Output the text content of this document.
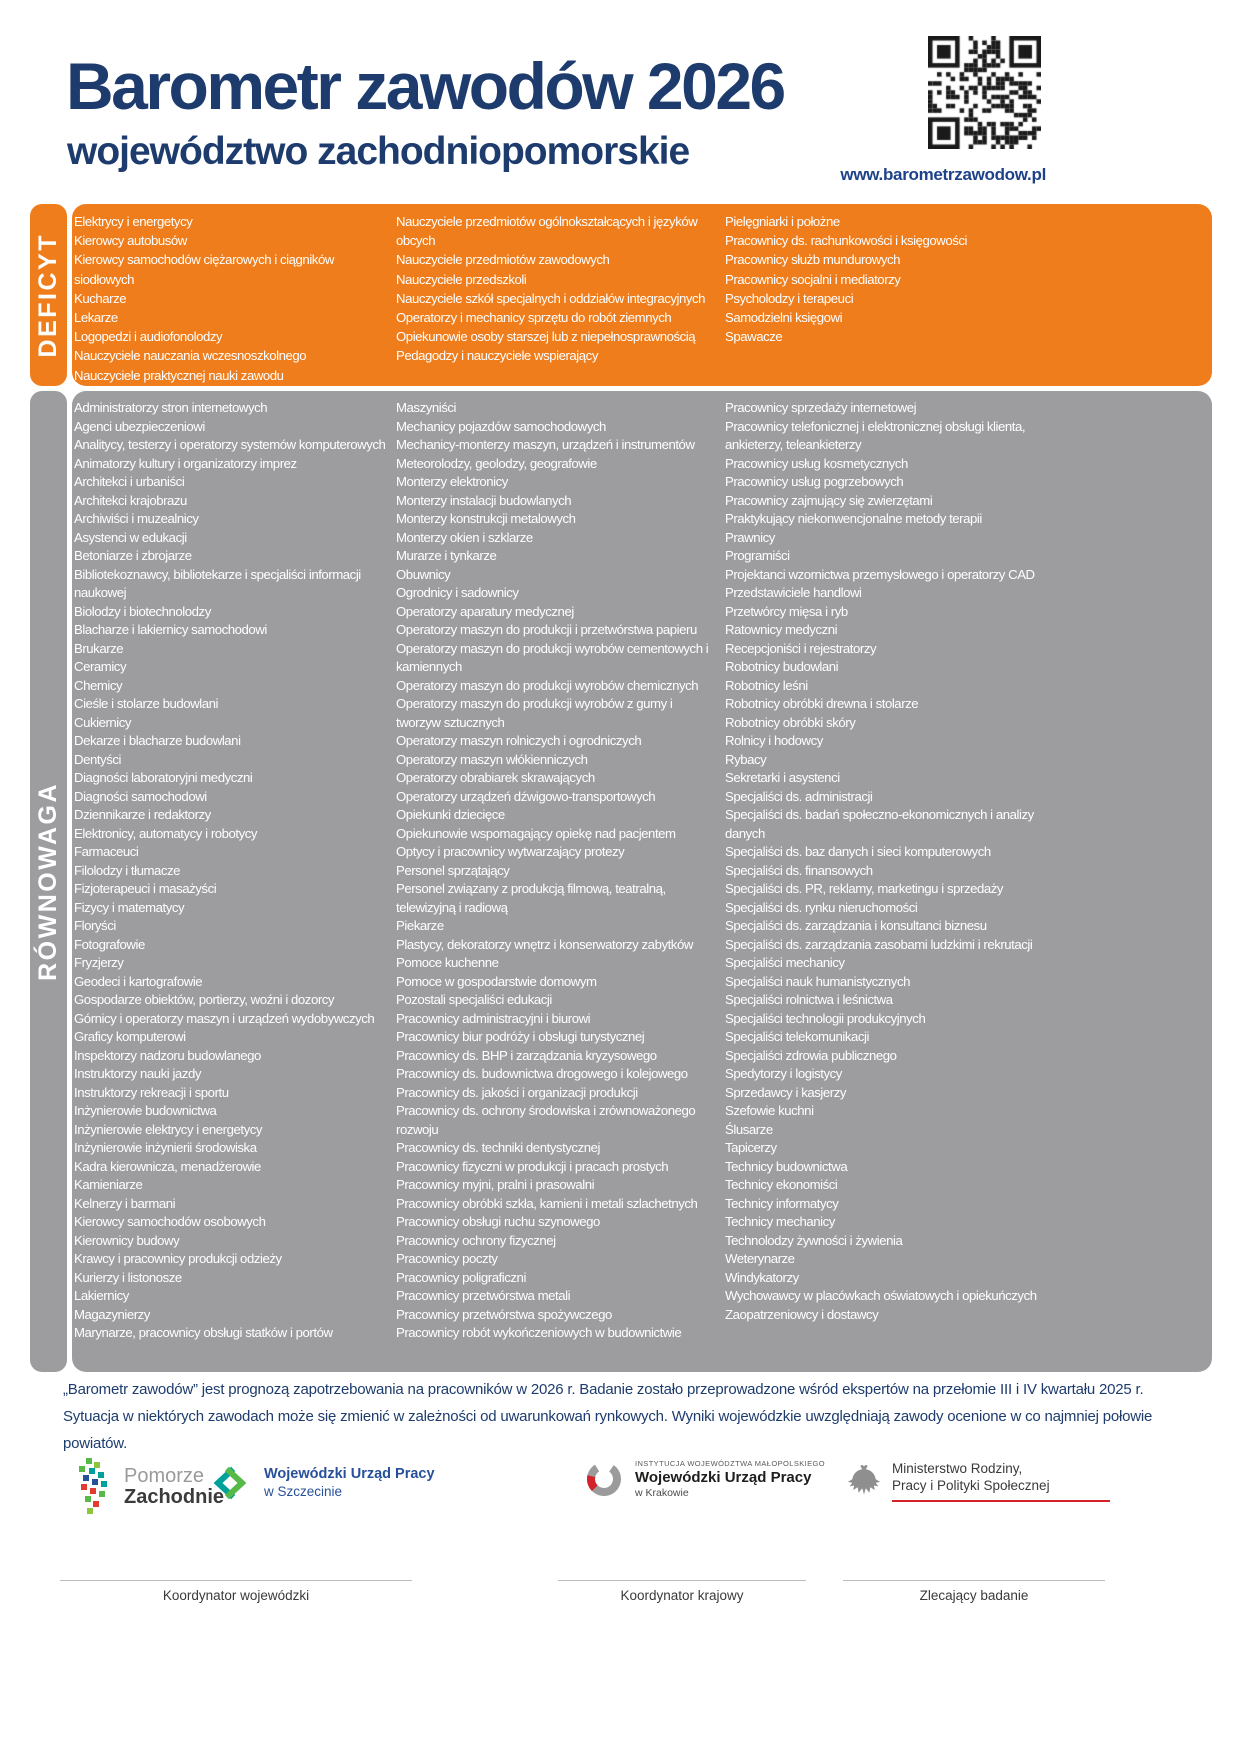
Barometr zawodów 2026
województwo zachodniopomorskie
www.barometrzawodow.pl
DEFICYT
Elektrycy i energetycy
Kierowcy autobusów
Kierowcy samochodów ciężarowych i ciągników siodłowych
Kucharze
Lekarze
Logopedzi i audiofonolodzy
Nauczyciele nauczania wczesnoszkolnego
Nauczyciele praktycznej nauki zawodu
Nauczyciele przedmiotów ogólnokształcących i języków obcych
Nauczyciele przedmiotów zawodowych
Nauczyciele przedszkoli
Nauczyciele szkół specjalnych i oddziałów integracyjnych
Operatorzy i mechanicy sprzętu do robót ziemnych
Opiekunowie osoby starszej lub z niepełnosprawnością
Pedagodzy i nauczyciele wspierający
Pielęgniarki i położne
Pracownicy ds. rachunkowości i księgowości
Pracownicy służb mundurowych
Pracownicy socjalni i mediatorzy
Psycholodzy i terapeuci
Samodzielni księgowi
Spawacze
RÓWNOWAGA
Administratorzy stron internetowych
Agenci ubezpieczeniowi
Analitycy, testerzy i operatorzy systemów komputerowych
Animatorzy kultury i organizatorzy imprez
Architekci i urbaniści
Architekci krajobrazu
Archiwiści i muzealnicy
Asystenci w edukacji
Betoniarze i zbrojarze
Bibliotekoznawcy, bibliotekarze i specjaliści informacji naukowej
Biolodzy i biotechnolodzy
Blacharze i lakiernicy samochodowi
Brukarze
Ceramicy
Chemicy
Cieśle i stolarze budowlani
Cukiernicy
Dekarze i blacharze budowlani
Dentyści
Diagności laboratoryjni medyczni
Diagności samochodowi
Dziennikarze i redaktorzy
Elektronicy, automatycy i robotycy
Farmaceuci
Filolodzy i tłumacze
Fizjoterapeuci i masażyści
Fizycy i matematycy
Floryści
Fotografowie
Fryzjerzy
Geodeci i kartografowie
Gospodarze obiektów, portierzy, woźni i dozorcy
Górnicy i operatorzy maszyn i urządzeń wydobywczych
Graficy komputerowi
Inspektorzy nadzoru budowlanego
Instruktorzy nauki jazdy
Instruktorzy rekreacji i sportu
Inżynierowie budownictwa
Inżynierowie elektrycy i energetycy
Inżynierowie inżynierii środowiska
Kadra kierownicza, menadżerowie
Kamieniarze
Kelnerzy i barmani
Kierowcy samochodów osobowych
Kierownicy budowy
Krawcy i pracownicy produkcji odzieży
Kurierzy i listonosze
Lakiernicy
Magazynierzy
Marynarze, pracownicy obsługi statków i portów
Maszyniści
Mechanicy pojazdów samochodowych
Mechanicy-monterzy maszyn, urządzeń i instrumentów
Meteorolodzy, geolodzy, geografowie
Monterzy elektronicy
Monterzy instalacji budowlanych
Monterzy konstrukcji metalowych
Monterzy okien i szklarze
Murarze i tynkarze
Obuwnicy
Ogrodnicy i sadownicy
Operatorzy aparatury medycznej
Operatorzy maszyn do produkcji i przetwórstwa papieru
Operatorzy maszyn do produkcji wyrobów cementowych i kamiennych
Operatorzy maszyn do produkcji wyrobów chemicznych
Operatorzy maszyn do produkcji wyrobów z gumy i tworzyw sztucznych
Operatorzy maszyn rolniczych i ogrodniczych
Operatorzy maszyn włókienniczych
Operatorzy obrabiarek skrawających
Operatorzy urządzeń dźwigowo-transportowych
Opiekunki dziecięce
Opiekunowie wspomagający opiekę nad pacjentem
Optycy i pracownicy wytwarzający protezy
Personel sprzątający
Personel związany z produkcją filmową, teatralną, telewizyjną i radiową
Piekarze
Plastycy, dekoratorzy wnętrz i konserwatorzy zabytków
Pomoce kuchenne
Pomoce w gospodarstwie domowym
Pozostali specjaliści edukacji
Pracownicy administracyjni i biurowi
Pracownicy biur podróży i obsługi turystycznej
Pracownicy ds. BHP i zarządzania kryzysowego
Pracownicy ds. budownictwa drogowego i kolejowego
Pracownicy ds. jakości i organizacji produkcji
Pracownicy ds. ochrony środowiska i zrównoważonego rozwoju
Pracownicy ds. techniki dentystycznej
Pracownicy fizyczni w produkcji i pracach prostych
Pracownicy myjni, pralni i prasowalni
Pracownicy obróbki szkła, kamieni i metali szlachetnych
Pracownicy obsługi ruchu szynowego
Pracownicy ochrony fizycznej
Pracownicy poczty
Pracownicy poligraficzni
Pracownicy przetwórstwa metali
Pracownicy przetwórstwa spożywczego
Pracownicy robót wykończeniowych w budownictwie
Pracownicy sprzedaży internetowej
Pracownicy telefonicznej i elektronicznej obsługi klienta, ankieterzy, teleankieterzy
Pracownicy usług kosmetycznych
Pracownicy usług pogrzebowych
Pracownicy zajmujący się zwierzętami
Praktykujący niekonwencjonalne metody terapii
Prawnicy
Programiści
Projektanci wzornictwa przemysłowego i operatorzy CAD
Przedstawiciele handlowi
Przetwórcy mięsa i ryb
Ratownicy medyczni
Recepcjoniści i rejestratorzy
Robotnicy budowlani
Robotnicy leśni
Robotnicy obróbki drewna i stolarze
Robotnicy obróbki skóry
Rolnicy i hodowcy
Rybacy
Sekretarki i asystenci
Specjaliści ds. administracji
Specjaliści ds. badań społeczno-ekonomicznych i analizy danych
Specjaliści ds. baz danych i sieci komputerowych
Specjaliści ds. finansowych
Specjaliści ds. PR, reklamy, marketingu i sprzedaży
Specjaliści ds. rynku nieruchomości
Specjaliści ds. zarządzania i konsultanci biznesu
Specjaliści ds. zarządzania zasobami ludzkimi i rekrutacji
Specjaliści mechanicy
Specjaliści nauk humanistycznych
Specjaliści rolnictwa i leśnictwa
Specjaliści technologii produkcyjnych
Specjaliści telekomunikacji
Specjaliści zdrowia publicznego
Spedytorzy i logistycy
Sprzedawcy i kasjerzy
Szefowie kuchni
Ślusarze
Tapicerzy
Technicy budownictwa
Technicy ekonomiści
Technicy informatycy
Technicy mechanicy
Technolodzy żywności i żywienia
Weterynarze
Windykatorzy
Wychowawcy w placówkach oświatowych i opiekuńczych
Zaopatrzeniowcy i dostawcy

„Barometr zawodów” jest prognozą zapotrzebowania na pracowników w 2026 r. Badanie zostało przeprowadzone wśród ekspertów na przełomie III i IV kwartału 2025 r.

Sytuacja w niektórych zawodach może się zmienić w zależności od uwarunkowań rynkowych. Wyniki wojewódzkie uwzględniają zawody ocenione w co najmniej połowie powiatów.

Pomorze
Zachodnie
Wojewódzki Urząd Pracy
w Szczecinie
INSTYTUCJA WOJEWÓDZTWA MAŁOPOLSKIEGO
Wojewódzki Urząd Pracy
w Krakowie
Ministerstwo Rodziny,
Pracy i Polityki Społecznej
Koordynator wojewódzki	Koordynator krajowy	Zlecający badanie
